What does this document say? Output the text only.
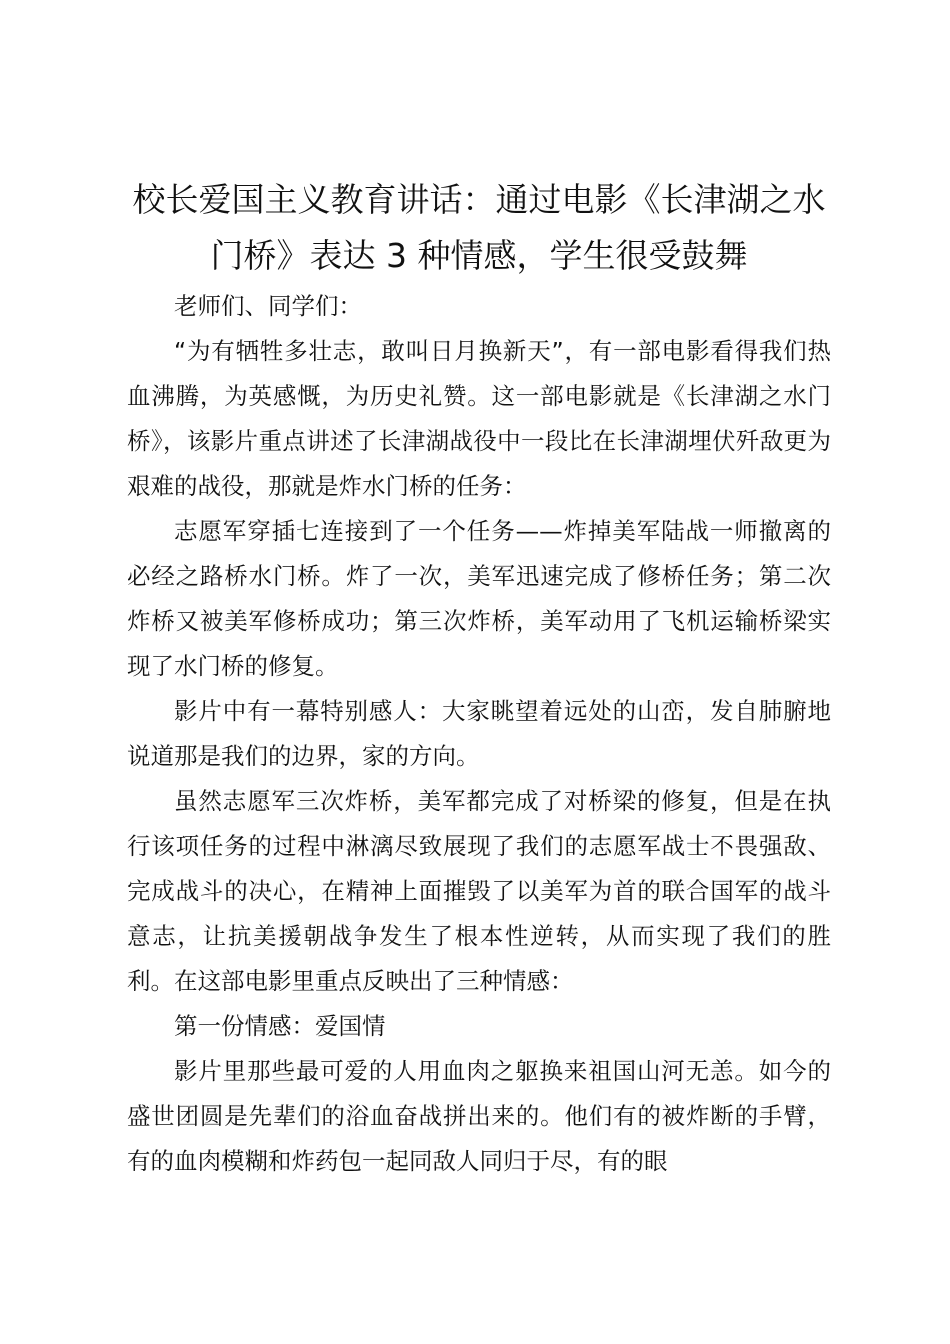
校长爱国主义教育讲话：通过电影《长津湖之水门桥》表达 3 种情感，学生很受鼓舞

老师们、同学们：

“为有牺牲多壮志，敢叫日月换新天”，有一部电影看得我们热血沸腾，为英感慨，为历史礼赞。这一部电影就是《长津湖之水门桥》，该影片重点讲述了长津湖战役中一段比在长津湖埋伏歼敌更为艰难的战役，那就是炸水门桥的任务：

志愿军穿插七连接到了一个任务——炸掉美军陆战一师撤离的必经之路桥水门桥。炸了一次，美军迅速完成了修桥任务；第二次炸桥又被美军修桥成功；第三次炸桥，美军动用了飞机运输桥梁实现了水门桥的修复。

影片中有一幕特别感人：大家眺望着远处的山峦，发自肺腑地说道那是我们的边界，家的方向。

虽然志愿军三次炸桥，美军都完成了对桥梁的修复，但是在执行该项任务的过程中淋漓尽致展现了我们的志愿军战士不畏强敌、完成战斗的决心，在精神上面摧毁了以美军为首的联合国军的战斗意志，让抗美援朝战争发生了根本性逆转，从而实现了我们的胜利。在这部电影里重点反映出了三种情感：

第一份情感：爱国情

影片里那些最可爱的人用血肉之躯换来祖国山河无恙。如今的盛世团圆是先辈们的浴血奋战拼出来的。他们有的被炸断的手臂，有的血肉模糊和炸药包一起同敌人同归于尽，有的眼
